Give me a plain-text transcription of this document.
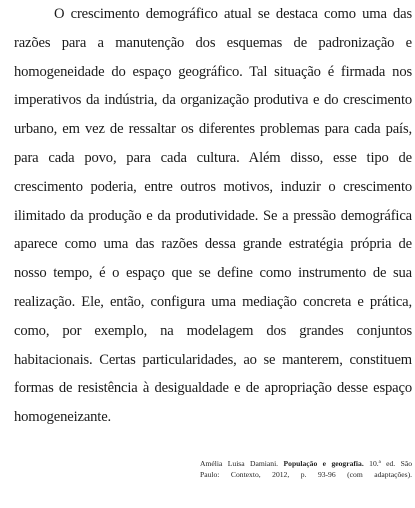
O crescimento demográfico atual se destaca como uma das
razões para a manutenção dos esquemas de padronização e
homogeneidade do espaço geográfico. Tal situação é firmada nos
imperativos da indústria, da organização produtiva e do crescimento
urbano, em vez de ressaltar os diferentes problemas para cada país,
para cada povo, para cada cultura. Além disso, esse tipo de
crescimento poderia, entre outros motivos, induzir o crescimento
ilimitado da produção e da produtividade. Se a pressão demográfica
aparece como uma das razões dessa grande estratégia própria de
nosso tempo, é o espaço que se define como instrumento de sua
realização. Ele, então, configura uma mediação concreta e prática,
como, por exemplo, na modelagem dos grandes conjuntos
habitacionais. Certas particularidades, ao se manterem, constituem
formas de resistência à desigualdade e de apropriação desse espaço
homogeneizante.
Amélia Luisa Damiani. População e geografia. 10.ª ed. São
Paulo: Contexto, 2012, p. 93-96 (com adaptações).
